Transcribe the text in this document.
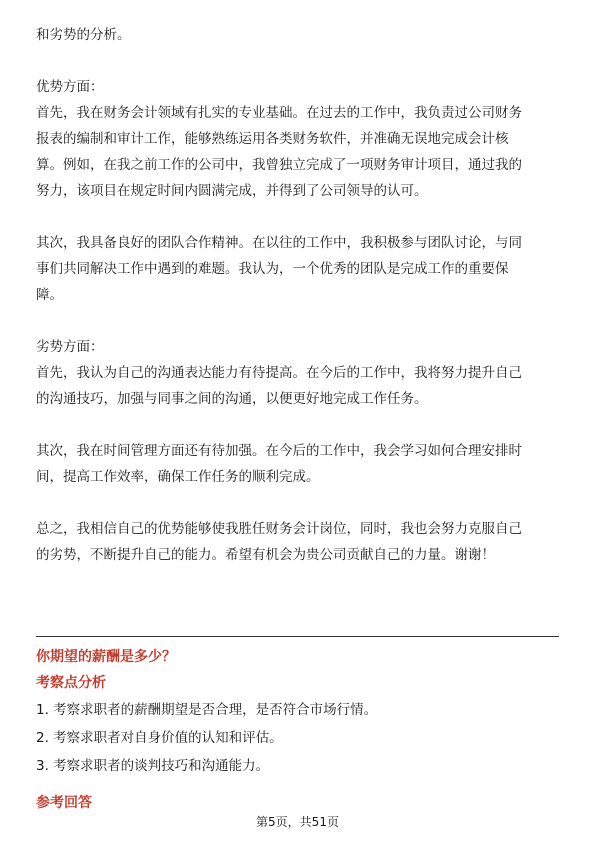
和劣势的分析。
优势方面：
首先，我在财务会计领域有扎实的专业基础。在过去的工作中，我负责过公司财务
报表的编制和审计工作，能够熟练运用各类财务软件，并准确无误地完成会计核
算。例如，在我之前工作的公司中，我曾独立完成了一项财务审计项目，通过我的
努力，该项目在规定时间内圆满完成，并得到了公司领导的认可。
其次，我具备良好的团队合作精神。在以往的工作中，我积极参与团队讨论，与同
事们共同解决工作中遇到的难题。我认为，一个优秀的团队是完成工作的重要保
障。
劣势方面：
首先，我认为自己的沟通表达能力有待提高。在今后的工作中，我将努力提升自己
的沟通技巧，加强与同事之间的沟通，以便更好地完成工作任务。
其次，我在时间管理方面还有待加强。在今后的工作中，我会学习如何合理安排时
间，提高工作效率，确保工作任务的顺利完成。
总之，我相信自己的优势能够使我胜任财务会计岗位，同时，我也会努力克服自己
的劣势，不断提升自己的能力。希望有机会为贵公司贡献自己的力量。谢谢！
你期望的薪酬是多少？
考察点分析
1. 考察求职者的薪酬期望是否合理，是否符合市场行情。
2. 考察求职者对自身价值的认知和评估。
3. 考察求职者的谈判技巧和沟通能力。
参考回答
第5页，共51页
